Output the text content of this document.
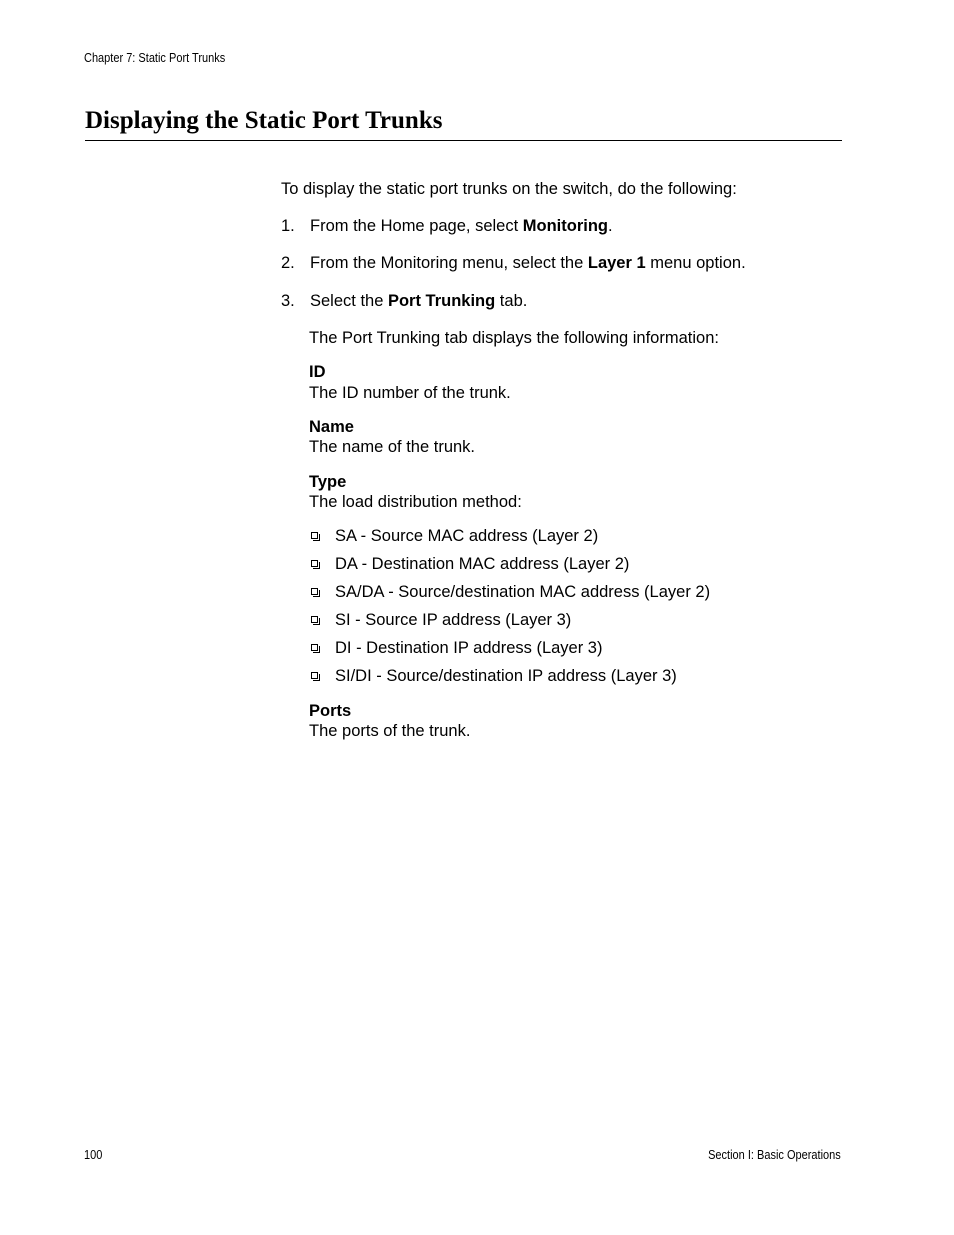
Chapter 7: Static Port Trunks
Displaying the Static Port Trunks
To display the static port trunks on the switch, do the following:
1. From the Home page, select Monitoring.
2. From the Monitoring menu, select the Layer 1 menu option.
3. Select the Port Trunking tab.
The Port Trunking tab displays the following information:
ID
The ID number of the trunk.
Name
The name of the trunk.
Type
The load distribution method:
SA - Source MAC address (Layer 2)
DA - Destination MAC address (Layer 2)
SA/DA - Source/destination MAC address (Layer 2)
SI - Source IP address (Layer 3)
DI - Destination IP address (Layer 3)
SI/DI - Source/destination IP address (Layer 3)
Ports
The ports of the trunk.
100	Section I: Basic Operations
